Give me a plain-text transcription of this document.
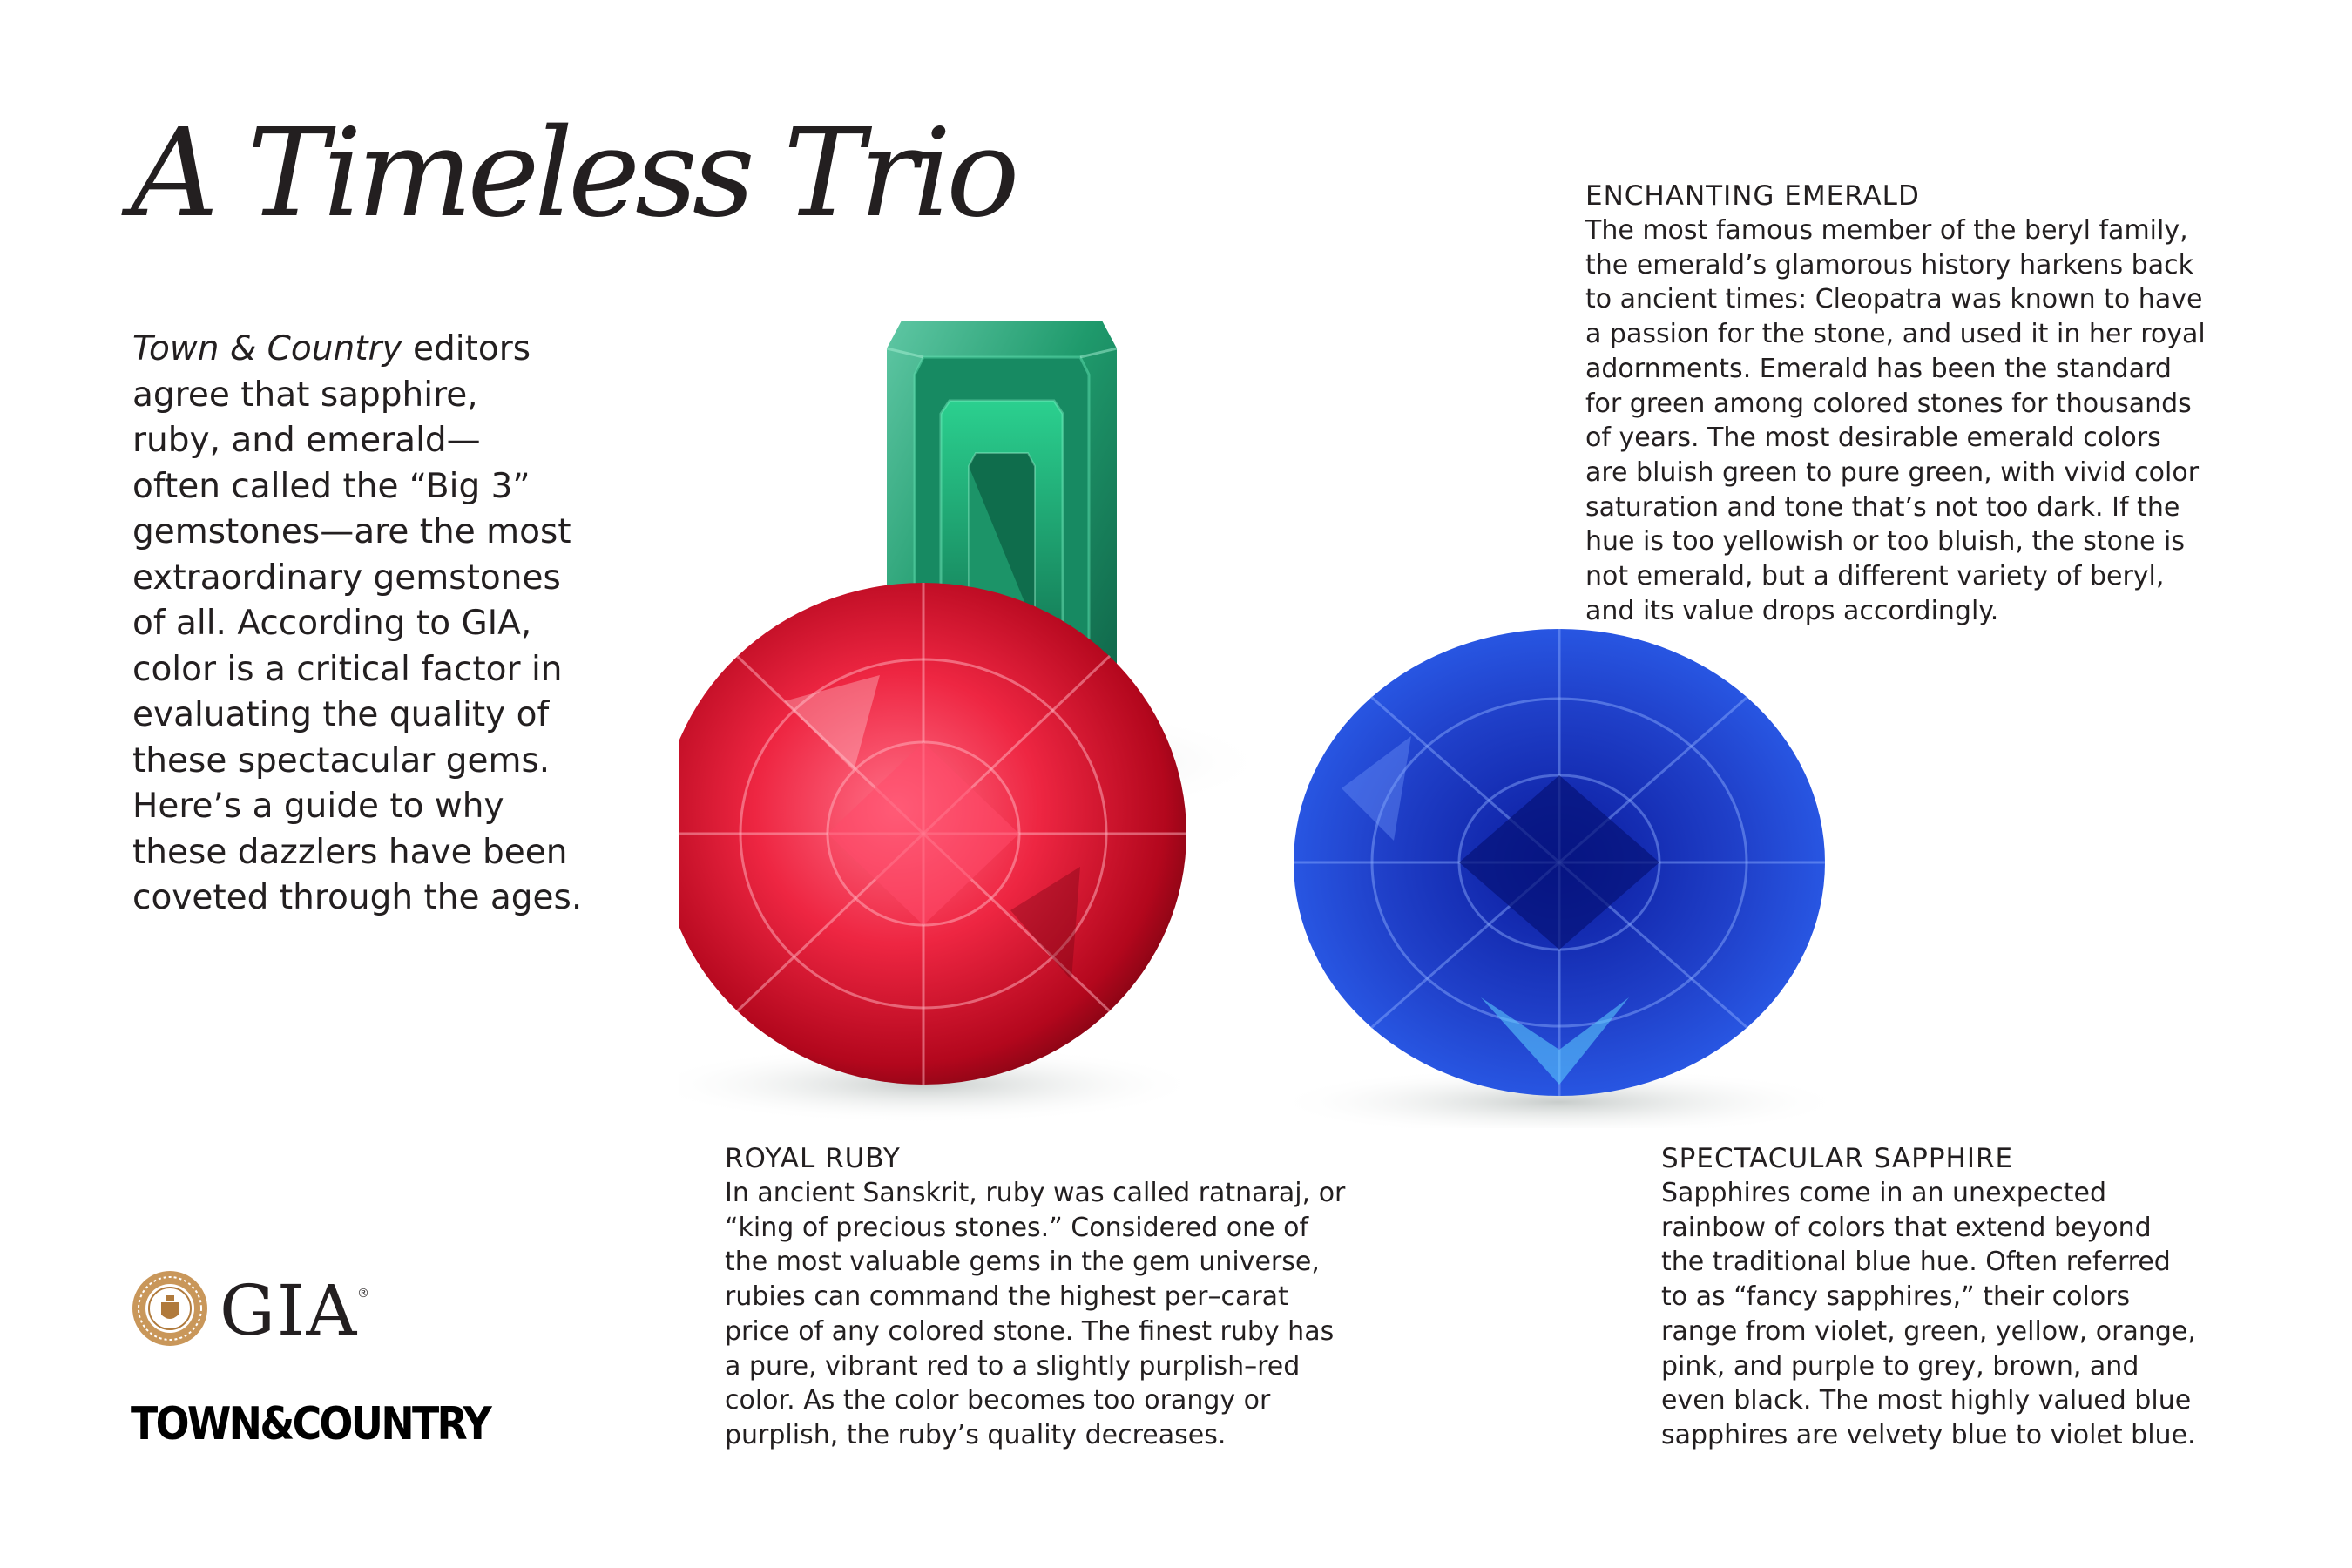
A Timeless Trio

Town & Country editors
agree that sapphire,
ruby, and emerald—
often called the “Big 3”
gemstones—are the most
extraordinary gemstones
of all. According to GIA,
color is a critical factor in
evaluating the quality of
these spectacular gems.
Here’s a guide to why
these dazzlers have been
coveted through the ages.

ENCHANTING EMERALD

The most famous member of the beryl family,
the emerald’s glamorous history harkens back
to ancient times: Cleopatra was known to have
a passion for the stone, and used it in her royal
adornments. Emerald has been the standard
for green among colored stones for thousands
of years. The most desirable emerald colors
are bluish green to pure green, with vivid color
saturation and tone that’s not too dark. If the
hue is too yellowish or too bluish, the stone is
not emerald, but a different variety of beryl,
and its value drops accordingly.

ROYAL RUBY

In ancient Sanskrit, ruby was called ratnaraj, or
“king of precious stones.” Considered one of
the most valuable gems in the gem universe,
rubies can command the highest per–carat
price of any colored stone. The finest ruby has
a pure, vibrant red to a slightly purplish–red
color. As the color becomes too orangy or
purplish, the ruby’s quality decreases.

SPECTACULAR SAPPHIRE

Sapphires come in an unexpected
rainbow of colors that extend beyond
the traditional blue hue. Often referred
to as “fancy sapphires,” their colors
range from violet, green, yellow, orange,
pink, and purple to grey, brown, and
even black. The most highly valued blue
sapphires are velvety blue to violet blue.

GIA
®
TOWN&COUNTRY
